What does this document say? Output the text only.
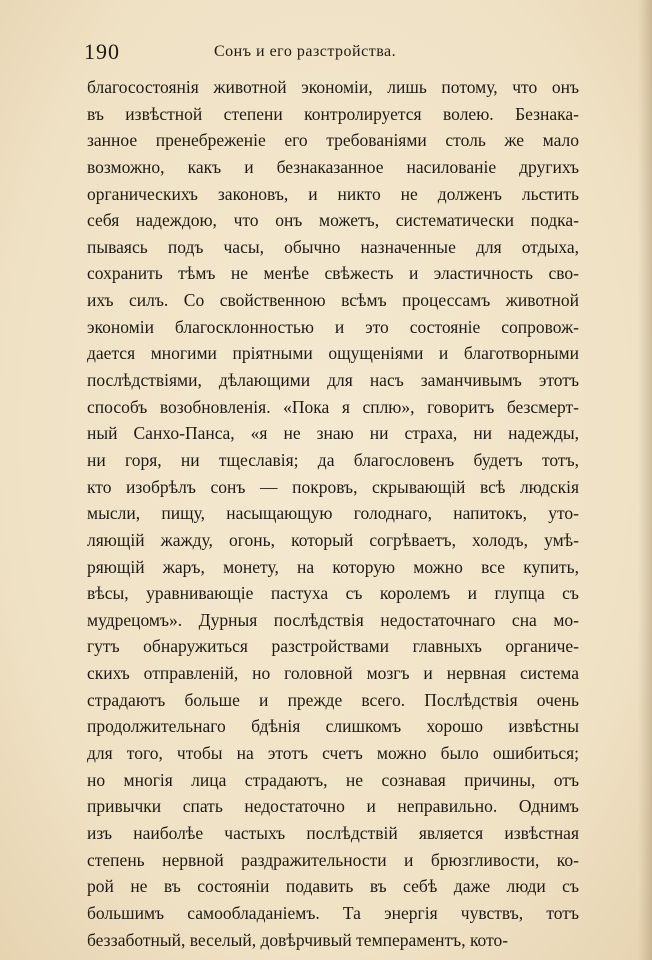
190	Сонъ и его разстройства.
благосостоянія животной экономіи, лишь потому, что онъ
въ извѣстной степени контролируется волею. Безнака-
занное пренебреженіе его требованіями столь же мало
возможно, какъ и безнаказанное насилованіе другихъ
органическихъ законовъ, и никто не долженъ льстить
себя надеждою, что онъ можетъ, систематически подка-
пываясь подъ часы, обычно назначенные для отдыха,
сохранить тѣмъ не менѣе свѣжесть и эластичность сво-
ихъ силъ. Со свойственною всѣмъ процессамъ животной
экономіи благосклонностью и это состояніе сопровож-
дается многими пріятными ощущеніями и благотворными
послѣдствіями, дѣлающими для насъ заманчивымъ этотъ
способъ возобновленія. «Пока я сплю», говоритъ безсмерт-
ный Санхо-Пансa, «я не знаю ни страха, ни надежды,
ни горя, ни тщеславія; да благословенъ будетъ тотъ,
кто изобрѣлъ сонъ — покровъ, скрывающій всѣ людскія
мысли, пищу, насыщающую голоднаго, напитокъ, уто-
ляющій жажду, огонь, который согрѣваетъ, холодъ, умѣ-
ряющій жаръ, монету, на которую можно все купить,
вѣсы, уравнивающіе пастуха съ королемъ и глупца съ
мудрецомъ». Дурныя послѣдствія недостаточнаго сна мо-
гутъ обнаружиться разстройствами главныхъ органиче-
скихъ отправленій, но головной мозгъ и нервная система
страдаютъ больше и прежде всего. Послѣдствія очень
продолжительнаго бдѣнія слишкомъ хорошо извѣстны
для того, чтобы на этотъ счетъ можно было ошибиться;
но многія лица страдаютъ, не сознавая причины, отъ
привычки спать недостаточно и неправильно. Однимъ
изъ наиболѣе частыхъ послѣдствій является извѣстная
степень нервной раздражительности и брюзгливости, ко-
рой не въ состояніи подавить въ себѣ даже люди съ
большимъ самообладаніемъ. Та энергія чувствъ, тотъ
беззаботный, веселый, довѣрчивый темпераментъ, кото-
